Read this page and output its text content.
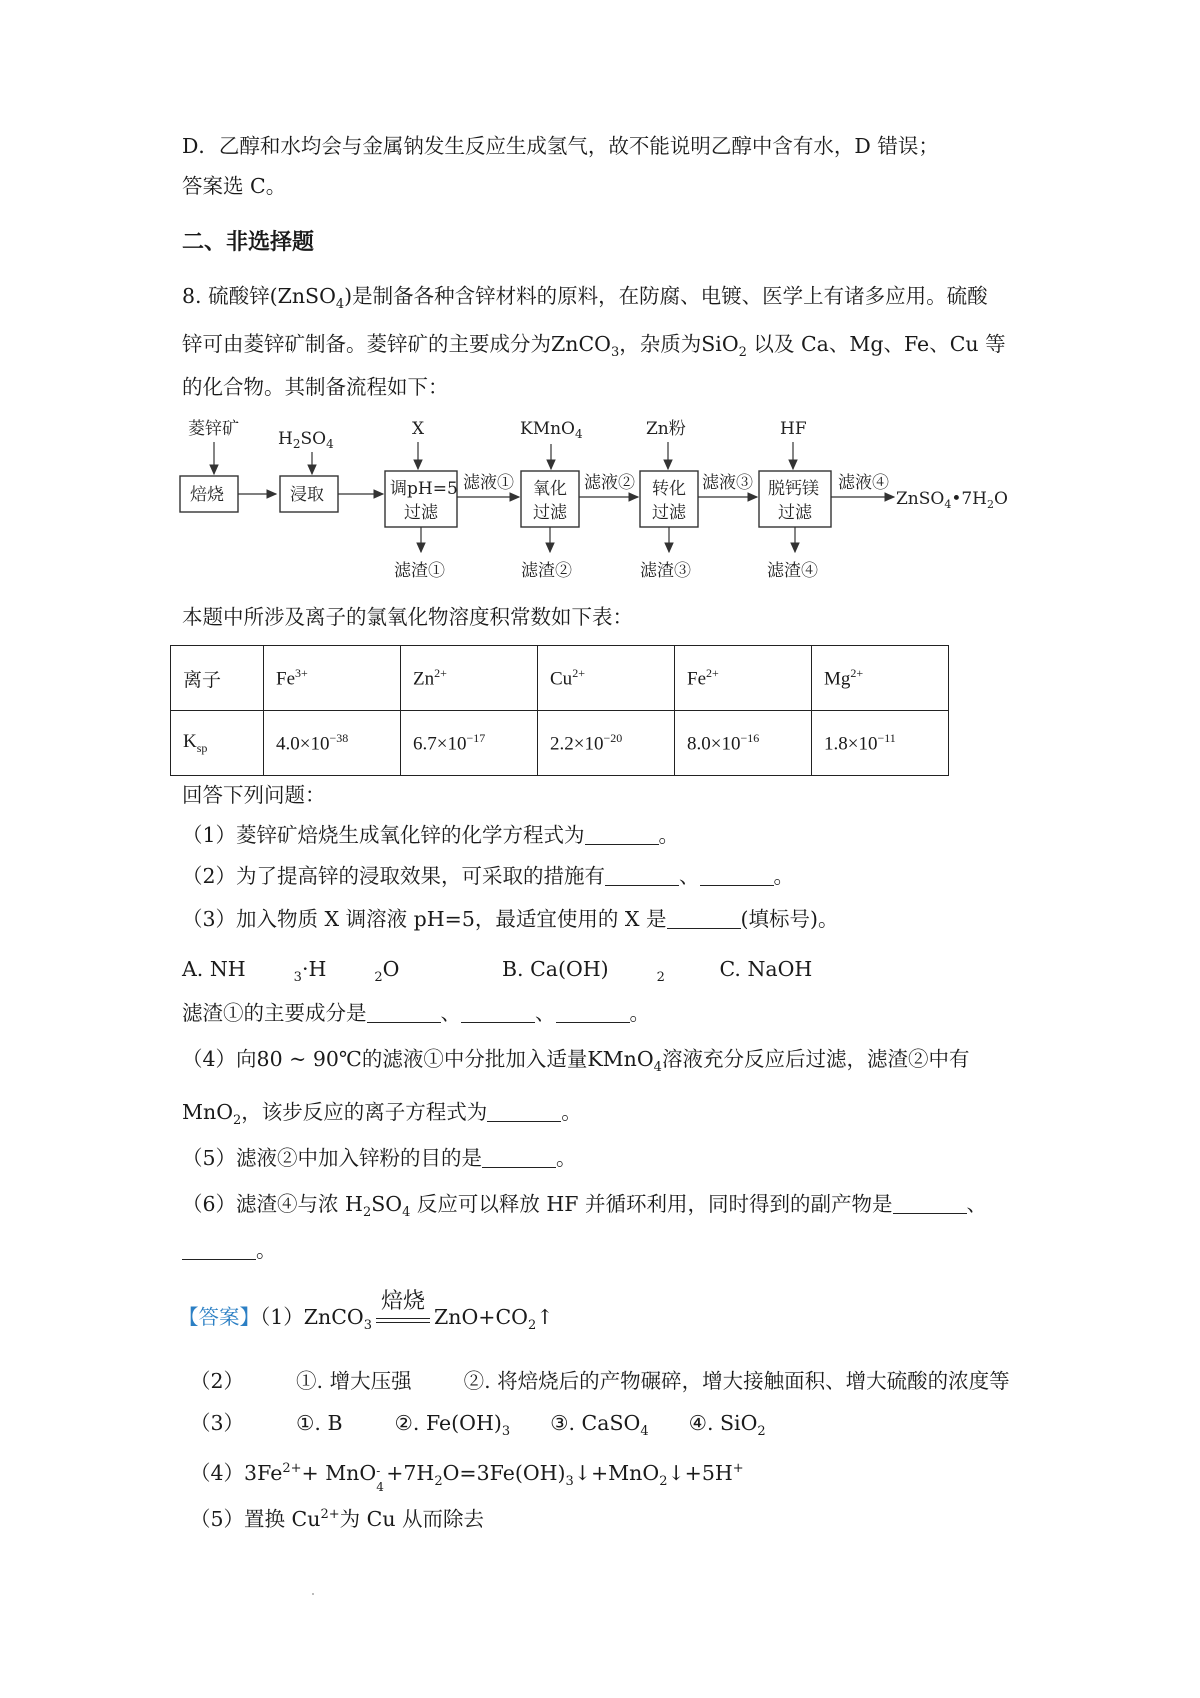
D．乙醇和水均会与金属钠发生反应生成氢气，故不能说明乙醇中含有水，D 错误；
答案选 C。
二、非选择题
8. 硫酸锌(ZnSO$_4$)是制备各种含锌材料的原料，在防腐、电镀、医学上有诸多应用。硫酸
锌可由菱锌矿制备。菱锌矿的主要成分为ZnCO$_3$，杂质为SiO$_2$ 以及 Ca、Mg、Fe、Cu 等
的化合物。其制备流程如下：
菱锌矿
焙烧
$H_2SO_4$
浸取
X
调pH=5
过滤
滤渣①
滤液①
KMnO$_4$
氧化
过滤
滤渣②
滤液②
Zn粉
转化
过滤
滤渣③
滤液③
HF
脱钙镁
过滤
滤渣④
滤液④
$ZnSO_4•7H_2O$
本题中所涉及离子的氯氧化物溶度积常数如下表：
离子	$Fe^{3+}$	$Zn^{2+}$	$Cu^{2+}$	$Fe^{2+}$	$Mg^{2+}$
$K_{sp}$	$4.0\times 10^{-38}$	$6.7\times 10^{-17}$	$2.2\times 10^{-20}$	$8.0\times 10^{-16}$	$1.8\times 10^{-11}$
回答下列问题：
（1）菱锌矿焙烧生成氧化锌的化学方程式为	。
（2）为了提高锌的浸取效果，可采取的措施有	、	。
（3）加入物质 X 调溶液 pH=5，最适宜使用的 X 是	(填标号)。
A. NH	$_3$·H	$_2$O	B. Ca(OH)	$_2$	C. NaOH
滤渣①的主要成分是	、	、	。
（4）向80 ~ 90℃的滤液①中分批加入适量KMnO$_4$溶液充分反应后过滤，滤渣②中有
MnO$_2$，该步反应的离子方程式为	。
（5）滤液②中加入锌粉的目的是	。
（6）滤渣④与浓 $H_2SO_4$ 反应可以释放 HF 并循环利用，同时得到的副产物是	、
。
【答案】（1）ZnCO$_3$
焙烧
$ZnO+CO_2↑$
（2）	①. 增大压强	②. 将焙烧后的产物碾碎，增大接触面积、增大硫酸的浓度等
（3）	①. B	②. $Fe(OH)_3$ ③. CaSO$_4$ ④. SiO$_2$
$(4)3Fe^{2+}+$ MnO -
4
$+7H_2O=3Fe(OH)_3↓+MnO_2↓+5H^+$
（5）置换 $Cu^{2+}$为 Cu 从而除去
